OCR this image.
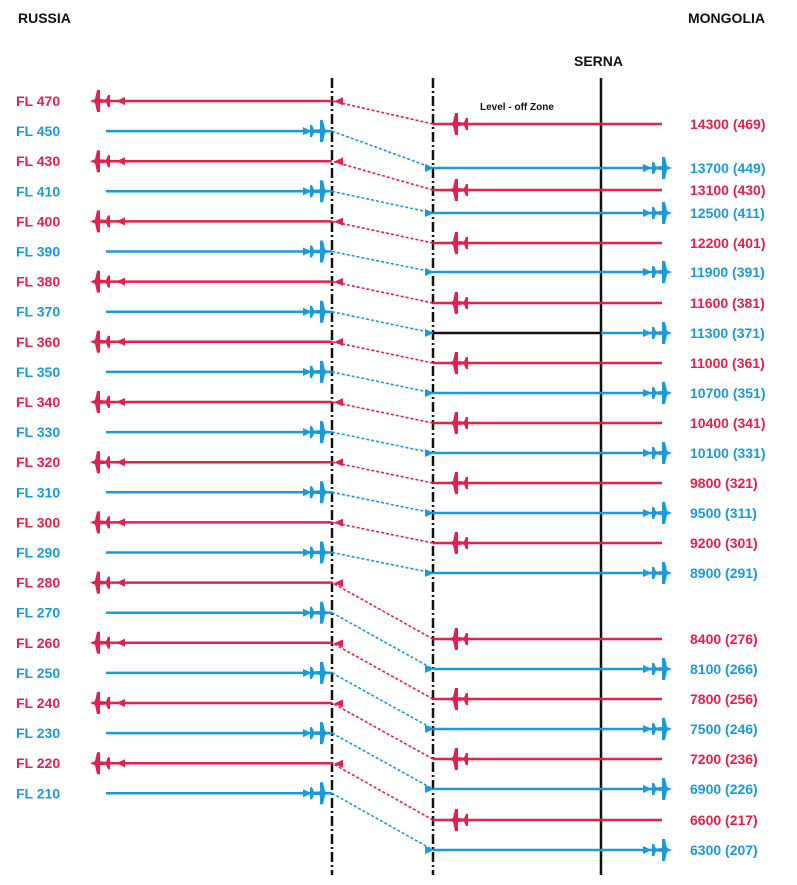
RUSSIA	MONGOLIA
SERNA
Level - off Zone
FL 470
14300 (469)
FL 450
13700 (449)
FL 430
13100 (430)
FL 410
12500 (411)
FL 400
12200 (401)
FL 390
11900 (391)
FL 380
11600 (381)
FL 370
11300 (371)
FL 360
11000 (361)
FL 350
10700 (351)
FL 340
10400 (341)
FL 330
10100 (331)
FL 320
9800 (321)
FL 310
9500 (311)
FL 300
9200 (301)
FL 290
8900 (291)
FL 280
8400 (276)
FL 270
8100 (266)
FL 260
7800 (256)
FL 250
7500 (246)
FL 240
7200 (236)
FL 230
6900 (226)
FL 220
6600 (217)
FL 210
6300 (207)
